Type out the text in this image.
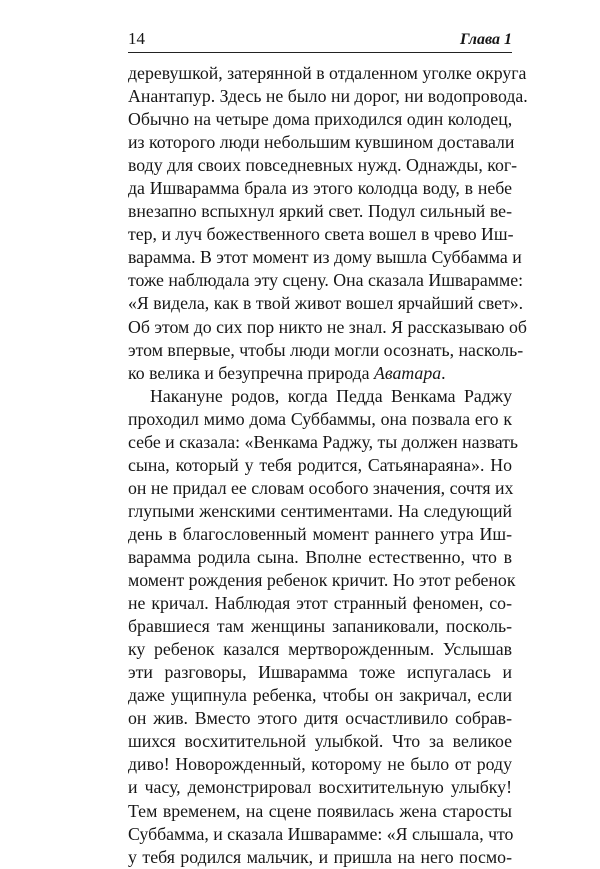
14	Глава 1
деревушкой, затерянной в отдаленном уголке округа
Анантапур. Здесь не было ни дорог, ни водопровода.
Обычно на четыре дома приходился один колодец,
из которого люди небольшим кувшином доставали
воду для своих повседневных нужд. Однажды, ког-
да Ишварамма брала из этого колодца воду, в небе
внезапно вспыхнул яркий свет. Подул сильный ве-
тер, и луч божественного света вошел в чрево Иш-
варамма. В этот момент из дому вышла Суббамма и
тоже наблюдала эту сцену. Она сказала Ишварамме:
«Я видела, как в твой живот вошел ярчайший свет».
Об этом до сих пор никто не знал. Я рассказываю об
этом впервые, чтобы люди могли осознать, насколь-
ко велика и безупречна природа Аватара.
Накануне родов, когда Педда Венкама Раджу
проходил мимо дома Суббаммы, она позвала его к
себе и сказала: «Венкама Раджу, ты должен назвать
сына, который у тебя родится, Сатьянараяна». Но
он не придал ее словам особого значения, сочтя их
глупыми женскими сентиментами. На следующий
день в благословенный момент раннего утра Иш-
варамма родила сына. Вполне естественно, что в
момент рождения ребенок кричит. Но этот ребенок
не кричал. Наблюдая этот странный феномен, со-
бравшиеся там женщины запаниковали, посколь-
ку ребенок казался мертворожденным. Услышав
эти разговоры, Ишварамма тоже испугалась и
даже ущипнула ребенка, чтобы он закричал, если
он жив. Вместо этого дитя осчастливило собрав-
шихся восхитительной улыбкой. Что за великое
диво! Новорожденный, которому не было от роду
и часу, демонстрировал восхитительную улыбку!
Тем временем, на сцене появилась жена старосты
Суббамма, и сказала Ишварамме: «Я слышала, что
у тебя родился мальчик, и пришла на него посмо-
